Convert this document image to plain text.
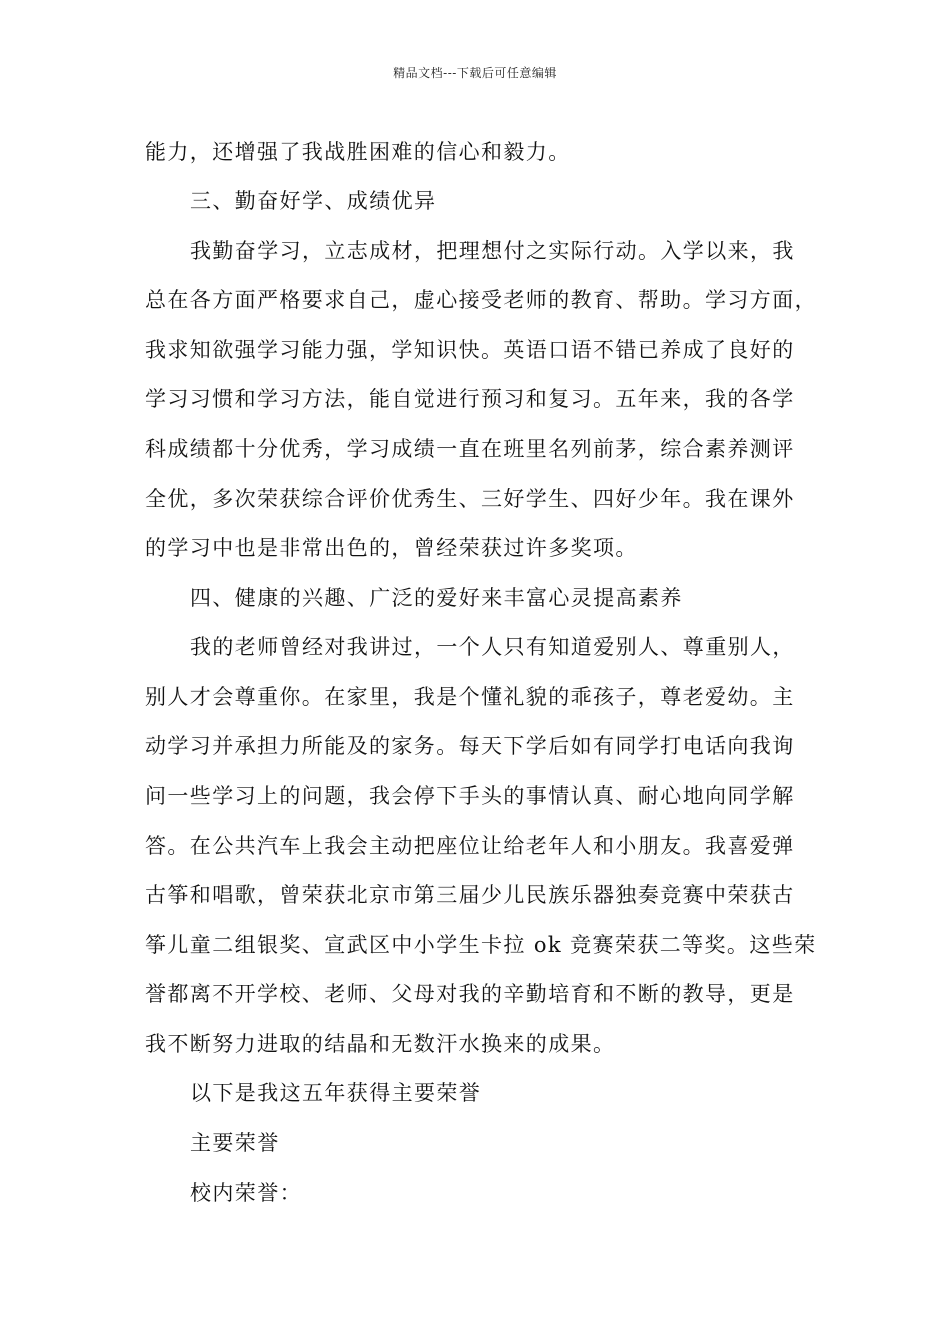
精品文档---下载后可任意编辑
能力，还增强了我战胜困难的信心和毅力。
三、勤奋好学、成绩优异
我勤奋学习，立志成材，把理想付之实际行动。入学以来，我
总在各方面严格要求自己，虚心接受老师的教育、帮助。学习方面，
我求知欲强学习能力强，学知识快。英语口语不错已养成了良好的
学习习惯和学习方法，能自觉进行预习和复习。五年来，我的各学
科成绩都十分优秀，学习成绩一直在班里名列前茅，综合素养测评
全优，多次荣获综合评价优秀生、三好学生、四好少年。我在课外
的学习中也是非常出色的，曾经荣获过许多奖项。
四、健康的兴趣、广泛的爱好来丰富心灵提高素养
我的老师曾经对我讲过，一个人只有知道爱别人、尊重别人，
别人才会尊重你。在家里，我是个懂礼貌的乖孩子，尊老爱幼。主
动学习并承担力所能及的家务。每天下学后如有同学打电话向我询
问一些学习上的问题，我会停下手头的事情认真、耐心地向同学解
答。在公共汽车上我会主动把座位让给老年人和小朋友。我喜爱弹
古筝和唱歌，曾荣获北京市第三届少儿民族乐器独奏竞赛中荣获古
筝儿童二组银奖、宣武区中小学生卡拉 ok 竞赛荣获二等奖。这些荣
誉都离不开学校、老师、父母对我的辛勤培育和不断的教导，更是
我不断努力进取的结晶和无数汗水换来的成果。
以下是我这五年获得主要荣誉
主要荣誉
校内荣誉：
